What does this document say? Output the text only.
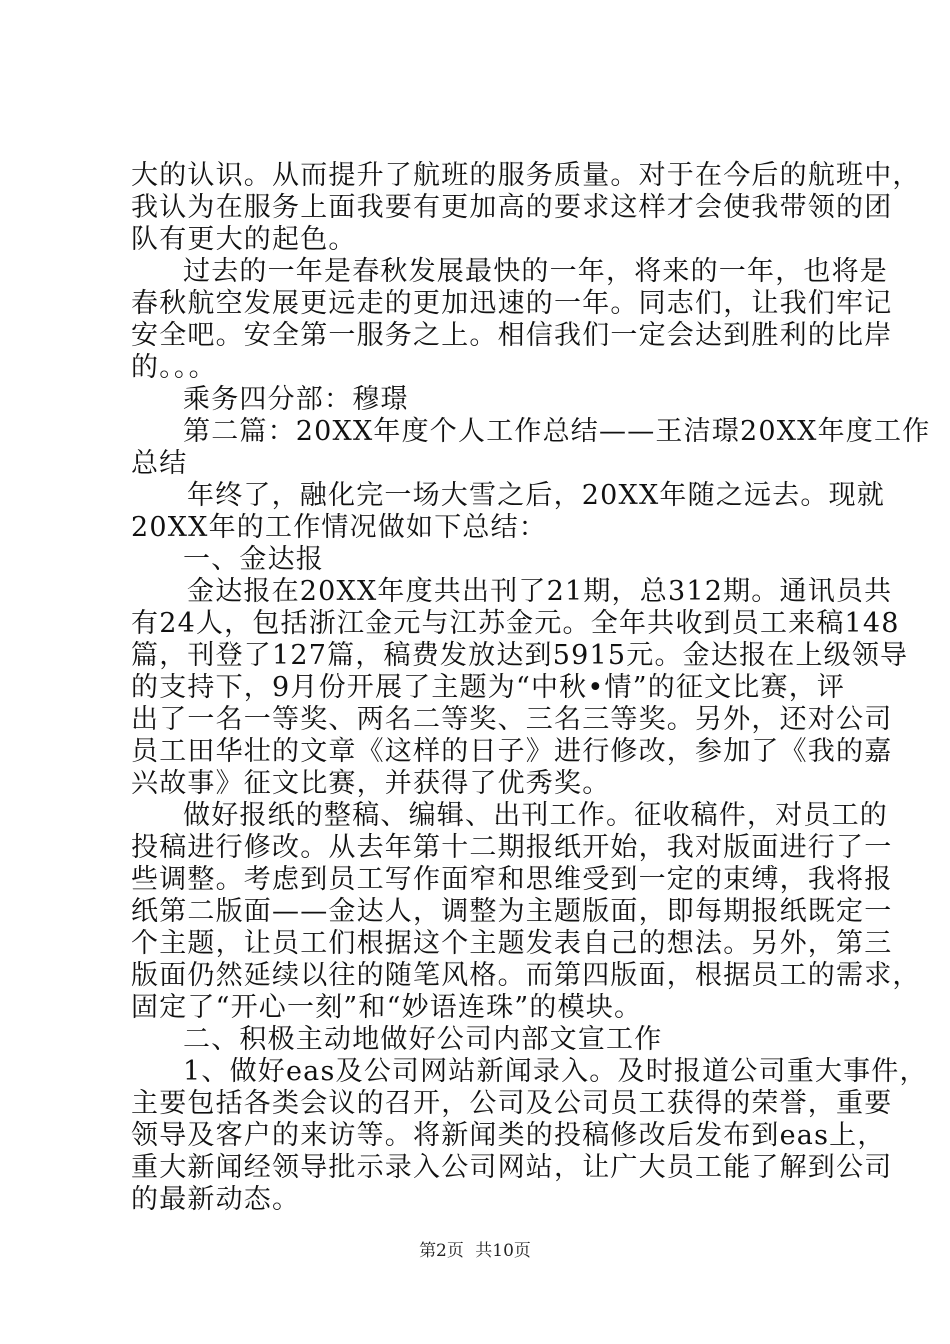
大的认识。从而提升了航班的服务质量。对于在今后的航班中，

我认为在服务上面我要有更加高的要求这样才会使我带领的团

队有更大的起色。

过去的一年是春秋发展最快的一年，将来的一年，也将是

春秋航空发展更远走的更加迅速的一年。同志们，让我们牢记

安全吧。安全第一服务之上。相信我们一定会达到胜利的比岸

的。。。

乘务四分部：穆璟

第二篇：20XX年度个人工作总结——王洁璟20XX年度工作

总结

年终了，融化完一场大雪之后，20XX年随之远去。现就

20XX年的工作情况做如下总结：

一、金达报

金达报在20XX年度共出刊了21期，总312期。通讯员共

有24人，包括浙江金元与江苏金元。全年共收到员工来稿148

篇，刊登了127篇，稿费发放达到5915元。金达报在上级领导

的支持下，9月份开展了主题为“中秋•情”的征文比赛，评

出了一名一等奖、两名二等奖、三名三等奖。另外，还对公司

员工田华壮的文章《这样的日子》进行修改，参加了《我的嘉

兴故事》征文比赛，并获得了优秀奖。

做好报纸的整稿、编辑、出刊工作。征收稿件，对员工的

投稿进行修改。从去年第十二期报纸开始，我对版面进行了一

些调整。考虑到员工写作面窄和思维受到一定的束缚，我将报

纸第二版面——金达人，调整为主题版面，即每期报纸既定一

个主题，让员工们根据这个主题发表自己的想法。另外，第三

版面仍然延续以往的随笔风格。而第四版面，根据员工的需求，

固定了“开心一刻”和“妙语连珠”的模块。

二、积极主动地做好公司内部文宣工作

1、做好eas及公司网站新闻录入。及时报道公司重大事件，

主要包括各类会议的召开，公司及公司员工获得的荣誉，重要

领导及客户的来访等。将新闻类的投稿修改后发布到eas上，

重大新闻经领导批示录入公司网站，让广大员工能了解到公司

的最新动态。

第2页 共10页
